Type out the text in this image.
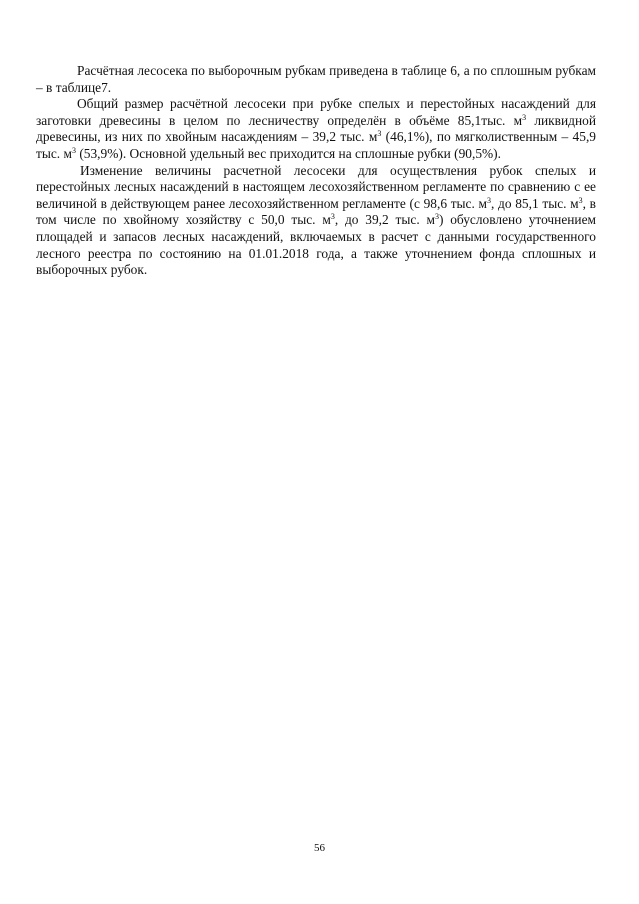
Расчётная лесосека по выборочным рубкам приведена в таблице 6, а по сплошным рубкам – в таблице7.

Общий размер расчётной лесосеки при рубке спелых и перестойных насаждений для заготовки древесины в целом по лесничеству определён в объёме 85,1тыс. $м^3$ ликвидной древесины, из них по хвойным насаждениям – 39,2 тыс. $м^3$ (46,1%), по мягколиственным – 45,9 тыс. $м^3$ (53,9%). Основной удельный вес приходится на сплошные рубки (90,5%).

Изменение величины расчетной лесосеки для осуществления рубок спелых и перестойных лесных насаждений в настоящем лесохозяйственном регламенте по сравнению с ее величиной в действующем ранее лесохозяйственном регламенте (с 98,6 тыс. $м^3$, до 85,1 тыс. $м^3$, в том числе по хвойному хозяйству с 50,0 тыс. $м^3$, до 39,2 тыс. $м^3$) обусловлено уточнением площадей и запасов лесных насаждений, включаемых в расчет с данными государственного лесного реестра по состоянию на 01.01.2018 года, а также уточнением фонда сплошных и выборочных рубок.

56
